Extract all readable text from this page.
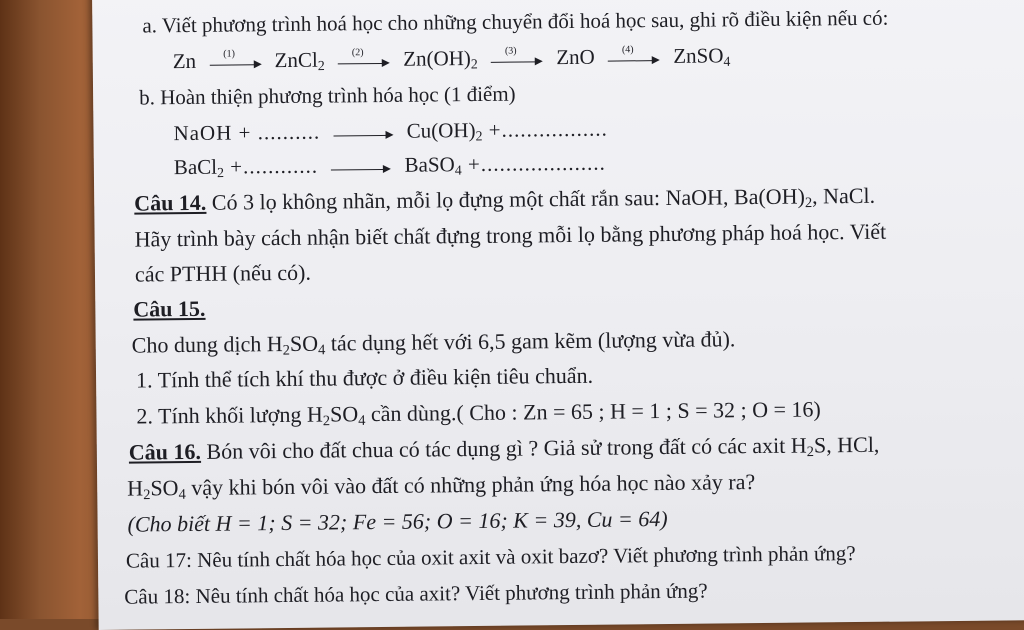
a. Viết phương trình hoá học cho những chuyển đổi hoá học sau, ghi rõ điều kiện nếu có:
Zn	(1) ZnCl$_2$
(2) $Zn(OH)_2$
(3) ZnO	(4) ZnSO$_4$
b. Hoàn thiện phương trình hóa học (1 điểm)
NaOH + ..........	$Cu(OH)_2$ +.................
BaCl$_2$ +............	BaSO$_4$ +....................
Câu 14. Có 3 lọ không nhãn, mỗi lọ đựng một chất rắn sau: NaOH, $Ba(OH)_2$, NaCl.
Hãy trình bày cách nhận biết chất đựng trong mỗi lọ bằng phương pháp hoá học. Viết
các PTHH (nếu có).
Câu 15.
Cho dung dịch $H_2SO_4$ tác dụng hết với 6,5 gam kẽm (lượng vừa đủ).
1. Tính thể tích khí thu được ở điều kiện tiêu chuẩn.
2. Tính khối lượng $H_2SO_4$ cần dùng.( Cho : Zn = 65 ; H = 1 ; S = 32 ; O = 16)
Câu 16. Bón vôi cho đất chua có tác dụng gì ? Giả sử trong đất có các axit $H_2S$, HCl,
$H_2SO_4$ vậy khi bón vôi vào đất có những phản ứng hóa học nào xảy ra?
(Cho biết H = 1; S = 32; Fe = 56; O = 16; K = 39, Cu = 64)
Câu 17: Nêu tính chất hóa học của oxit axit và oxit bazơ? Viết phương trình phản ứng?
Câu 18: Nêu tính chất hóa học của axit? Viết phương trình phản ứng?
